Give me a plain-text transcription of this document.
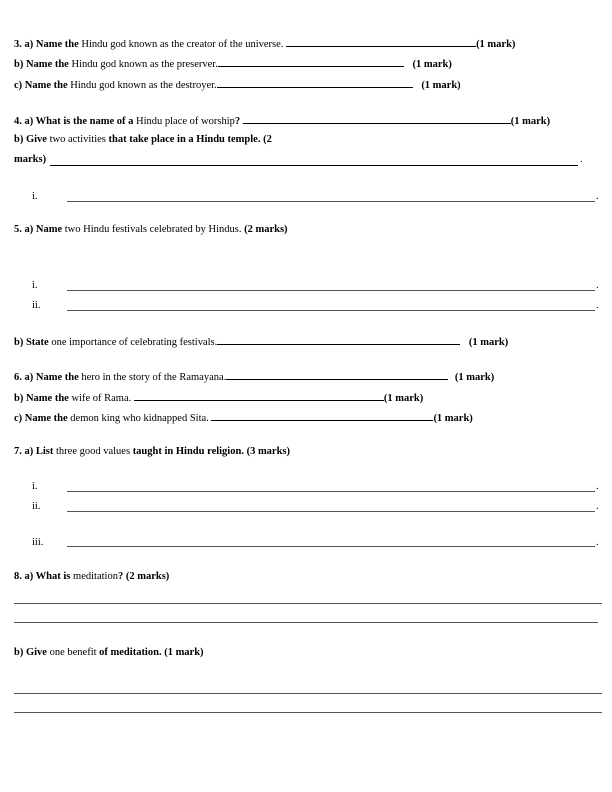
3. a) Name the Hindu god known as the creator of the universe.	(1 mark)
b) Name the Hindu god known as the preserver.	(1 mark)
c) Name the Hindu god known as the destroyer.	(1 mark)
4. a) What is the name of a Hindu place of worship?	(1 mark)
b) Give two activities that take place in a Hindu temple. (2
marks)	.
i.	.
5. a) Name two Hindu festivals celebrated by Hindus. (2 marks)
i.	.
ii.	.
b) State one importance of celebrating festivals.	(1 mark)
6. a) Name the hero in the story of the Ramayana.	(1 mark)
b) Name the wife of Rama.	(1 mark)
c) Name the demon king who kidnapped Sita.	(1 mark)
7. a) List three good values taught in Hindu religion. (3 marks)
i.	.
ii.	.
iii.	.
8. a) What is meditation? (2 marks)
b) Give one benefit of meditation. (1 mark)
